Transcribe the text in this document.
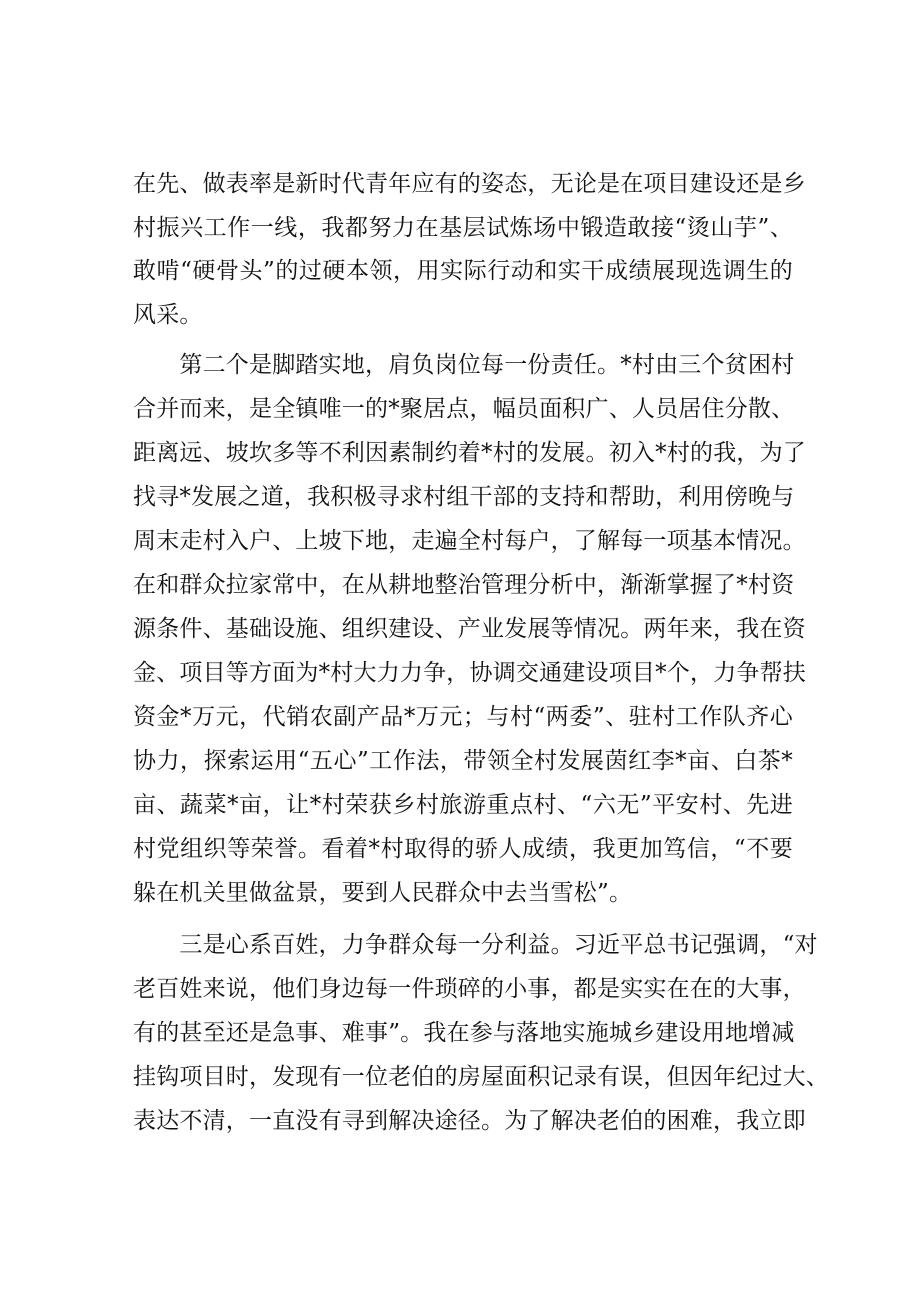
在先、做表率是新时代青年应有的姿态，无论是在项目建设还是乡
村振兴工作一线，我都努力在基层试炼场中锻造敢接“烫山芋”、
敢啃“硬骨头”的过硬本领，用实际行动和实干成绩展现选调生的
风采。
　　第二个是脚踏实地，肩负岗位每一份责任。*村由三个贫困村
合并而来，是全镇唯一的*聚居点，幅员面积广、人员居住分散、
距离远、坡坎多等不利因素制约着*村的发展。初入*村的我，为了
找寻*发展之道，我积极寻求村组干部的支持和帮助，利用傍晚与
周末走村入户、上坡下地，走遍全村每户，了解每一项基本情况。
在和群众拉家常中，在从耕地整治管理分析中，渐渐掌握了*村资
源条件、基础设施、组织建设、产业发展等情况。两年来，我在资
金、项目等方面为*村大力力争，协调交通建设项目*个，力争帮扶
资金*万元，代销农副产品*万元；与村“两委”、驻村工作队齐心
协力，探索运用“五心”工作法，带领全村发展茵红李*亩、白茶*
亩、蔬菜*亩，让*村荣获乡村旅游重点村、“六无”平安村、先进
村党组织等荣誉。看着*村取得的骄人成绩，我更加笃信，“不要
躲在机关里做盆景，要到人民群众中去当雪松”。
　　三是心系百姓，力争群众每一分利益。习近平总书记强调，“对
老百姓来说，他们身边每一件琐碎的小事，都是实实在在的大事，
有的甚至还是急事、难事”。我在参与落地实施城乡建设用地增减
挂钩项目时，发现有一位老伯的房屋面积记录有误，但因年纪过大、
表达不清，一直没有寻到解决途径。为了解决老伯的困难，我立即
